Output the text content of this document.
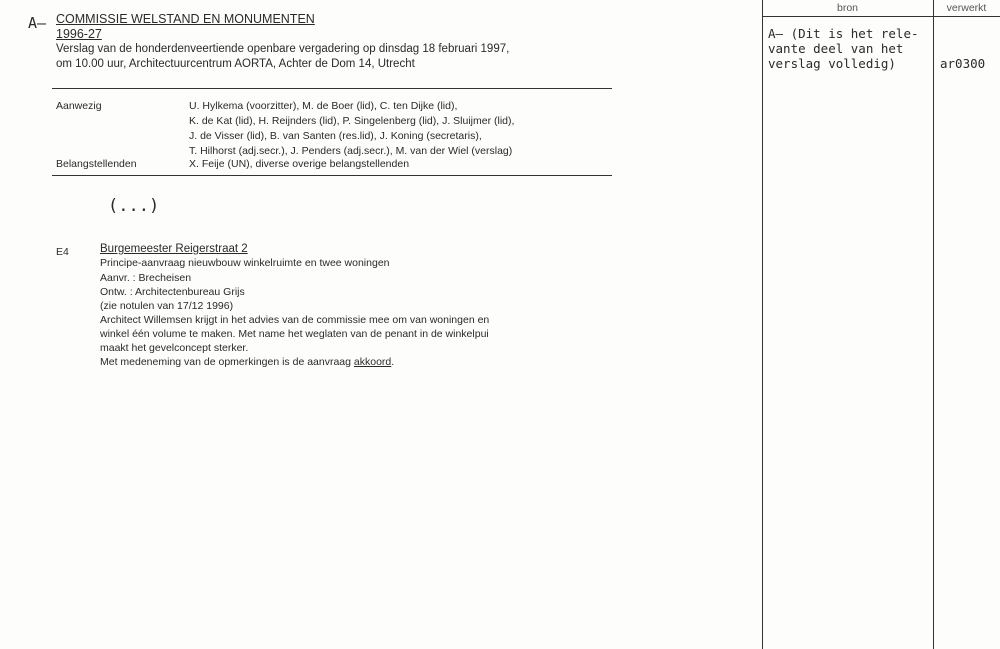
A— COMMISSIE WELSTAND EN MONUMENTEN
1996-27
Verslag van de honderdenveertiende openbare vergadering op dinsdag 18 februari 1997,
om 10.00 uur, Architectuurcentrum AORTA, Achter de Dom 14, Utrecht
Aanwezig	U. Hylkema (voorzitter), M. de Boer (lid), C. ten Dijke (lid),
K. de Kat (lid), H. Reijnders (lid), P. Singelenberg (lid), J. Sluijmer (lid),
J. de Visser (lid), B. van Santen (res.lid), J. Koning (secretaris),
T. Hilhorst (adj.secr.), J. Penders (adj.secr.), M. van der Wiel (verslag)
Belangstellenden	X. Feije (UN), diverse overige belangstellenden
(...)
E4	Burgemeester Reigerstraat 2
Principe-aanvraag nieuwbouw winkelruimte en twee woningen
Aanvr. : Brecheisen
Ontw. : Architectenbureau Grijs
(zie notulen van 17/12 1996)
Architect Willemsen krijgt in het advies van de commissie mee om van woningen en
winkel één volume te maken. Met name het weglaten van de penant in de winkelpui
maakt het gevelconcept sterker.
Met medeneming van de opmerkingen is de aanvraag akkoord.
bron	verwerkt
A— (Dit is het rele-
vante deel van het
verslag volledig)	ar0300
